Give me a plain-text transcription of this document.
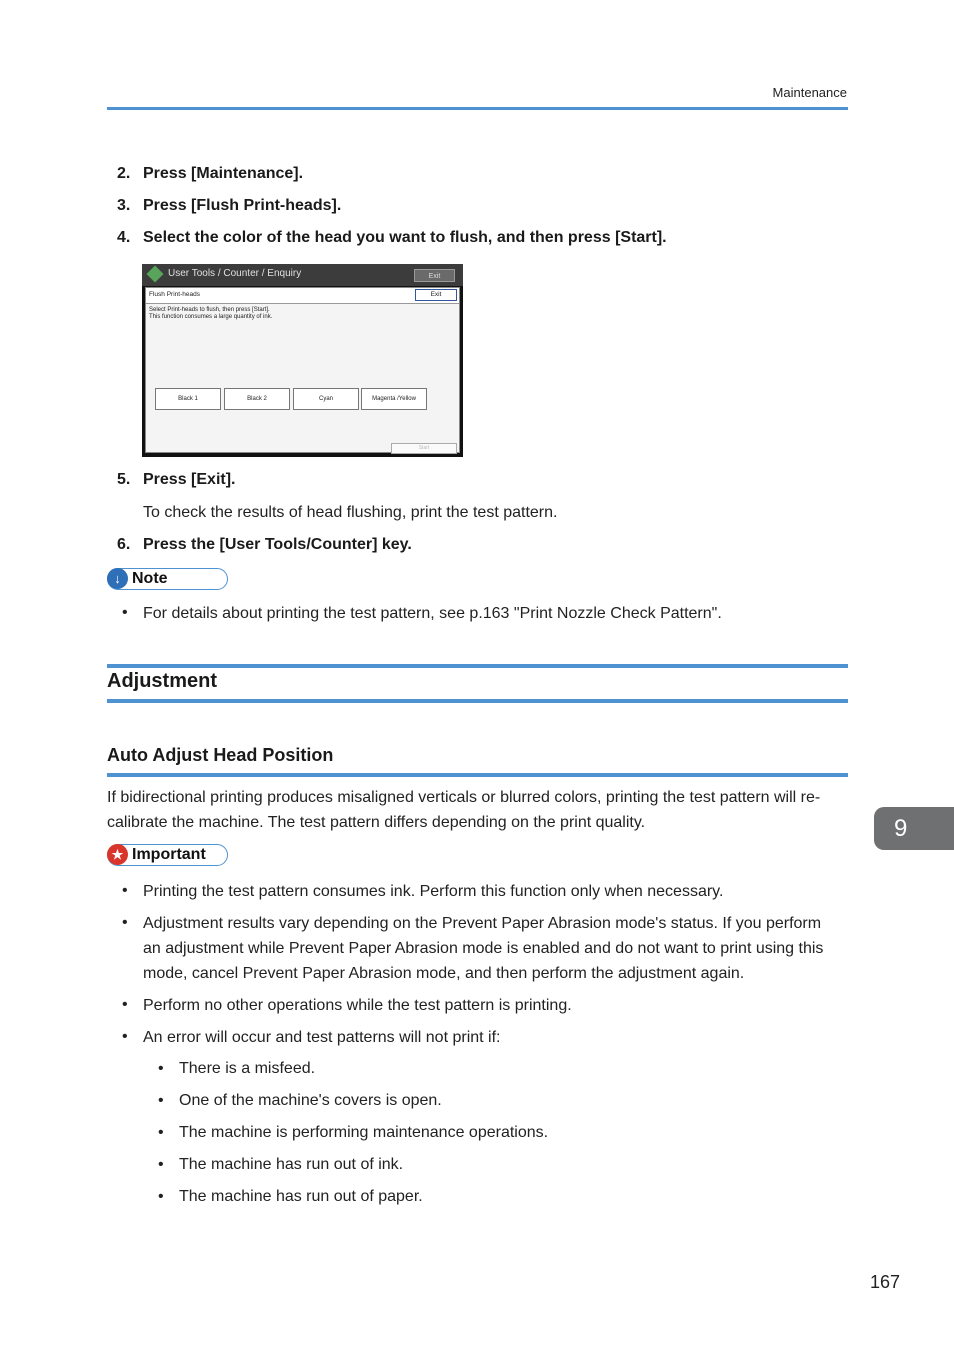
Maintenance
2. Press [Maintenance].
3. Press [Flush Print-heads].
4. Select the color of the head you want to flush, and then press [Start].
User Tools / Counter / Enquiry	Exit
Flush Print-heads	Exit
Select Print-heads to flush, then press [Start].
This function consumes a large quantity of ink.
Black 1	Black 2	Cyan	Magenta /Yellow
Start
5. Press [Exit].
To check the results of head flushing, print the test pattern.
6. Press the [User Tools/Counter] key.
↓ Note
• For details about printing the test pattern, see p.163 "Print Nozzle Check Pattern".
Adjustment
Auto Adjust Head Position
If bidirectional printing produces misaligned verticals or blurred colors, printing the test pattern will re-calibrate the machine. The test pattern differs depending on the print quality.
★ Important
• Printing the test pattern consumes ink. Perform this function only when necessary.
• Adjustment results vary depending on the Prevent Paper Abrasion mode's status. If you perform an adjustment while Prevent Paper Abrasion mode is enabled and do not want to print using this mode, cancel Prevent Paper Abrasion mode, and then perform the adjustment again.
• Perform no other operations while the test pattern is printing.
• An error will occur and test patterns will not print if:
• There is a misfeed.
• One of the machine's covers is open.
• The machine is performing maintenance operations.
• The machine has run out of ink.
• The machine has run out of paper.
9
167
